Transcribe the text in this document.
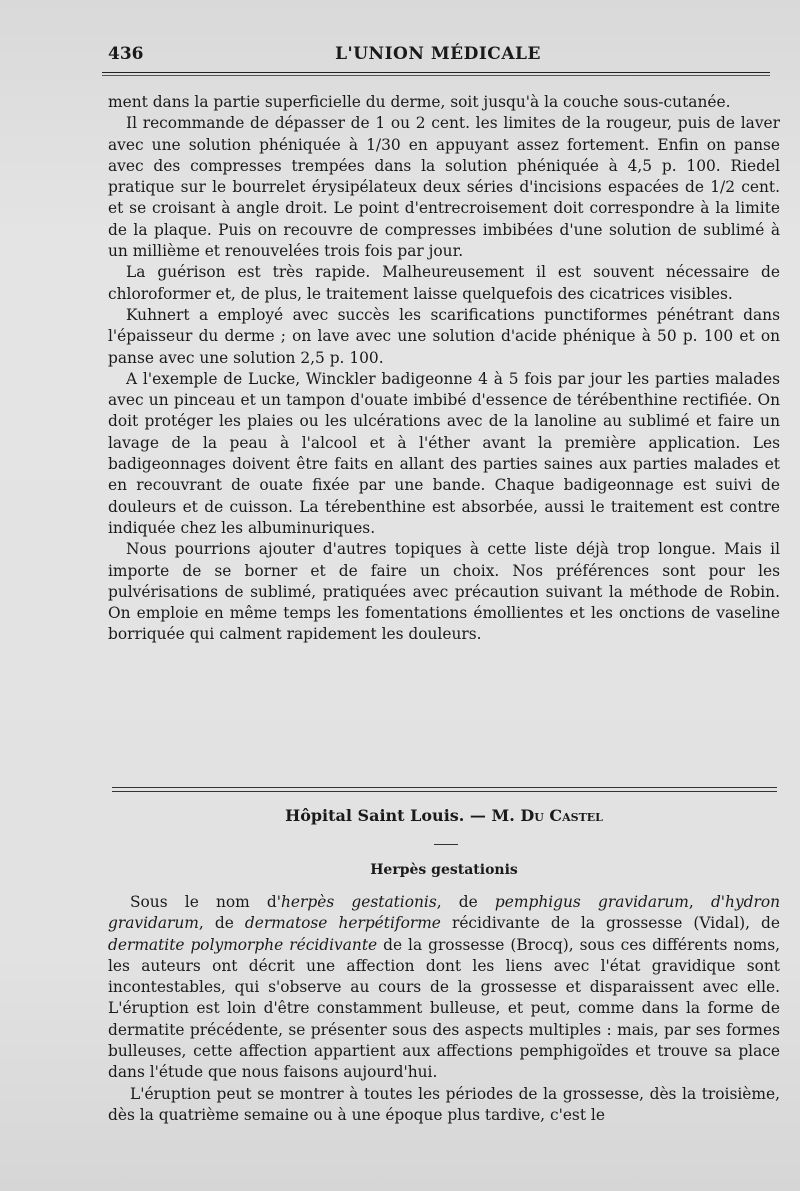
436	L'UNION MÉDICALE

ment dans la partie superficielle du derme, soit jusqu'à la couche sous-cutanée.

Il recommande de dépasser de 1 ou 2 cent. les limites de la rougeur, puis de laver avec une solution phéniquée à 1/30 en appuyant assez fortement. Enfin on panse avec des compresses trempées dans la solution phéniquée à 4,5 p. 100. Riedel pratique sur le bourrelet érysipélateux deux séries d'incisions espacées de 1/2 cent. et se croisant à angle droit. Le point d'entrecroisement doit correspondre à la limite de la plaque. Puis on recouvre de compresses imbibées d'une solution de sublimé à un millième et renouvelées trois fois par jour.

La guérison est très rapide. Malheureusement il est souvent nécessaire de chloroformer et, de plus, le traitement laisse quelquefois des cicatrices visibles.

Kuhnert a employé avec succès les scarifications punctiformes pénétrant dans l'épaisseur du derme ; on lave avec une solution d'acide phénique à 50 p. 100 et on panse avec une solution 2,5 p. 100.

A l'exemple de Lucke, Winckler badigeonne 4 à 5 fois par jour les parties malades avec un pinceau et un tampon d'ouate imbibé d'essence de térébenthine rectifiée. On doit protéger les plaies ou les ulcérations avec de la lanoline au sublimé et faire un lavage de la peau à l'alcool et à l'éther avant la première application. Les badigeonnages doivent être faits en allant des parties saines aux parties malades et en recouvrant de ouate fixée par une bande. Chaque badigeonnage est suivi de douleurs et de cuisson. La térebenthine est absorbée, aussi le traitement est contre indiquée chez les albuminuriques.

Nous pourrions ajouter d'autres topiques à cette liste déjà trop longue. Mais il importe de se borner et de faire un choix. Nos préférences sont pour les pulvérisations de sublimé, pratiquées avec précaution suivant la méthode de Robin. On emploie en même temps les fomentations émollientes et les onctions de vaseline borriquée qui calment rapidement les douleurs.

Hôpital Saint Louis. — M. Du Castel
Herpès gestationis

Sous le nom d'herpès gestationis, de pemphigus gravidarum, d'hydron gravidarum, de dermatose herpétiforme récidivante de la grossesse (Vidal), de dermatite polymorphe récidivante de la grossesse (Brocq), sous ces différents noms, les auteurs ont décrit une affection dont les liens avec l'état gravidique sont incontestables, qui s'observe au cours de la grossesse et disparaissent avec elle. L'éruption est loin d'être constamment bulleuse, et peut, comme dans la forme de dermatite précédente, se présenter sous des aspects multiples : mais, par ses formes bulleuses, cette affection appartient aux affections pemphigoïdes et trouve sa place dans l'étude que nous faisons aujourd'hui.

L'éruption peut se montrer à toutes les périodes de la grossesse, dès la troisième, dès la quatrième semaine ou à une époque plus tardive, c'est le
